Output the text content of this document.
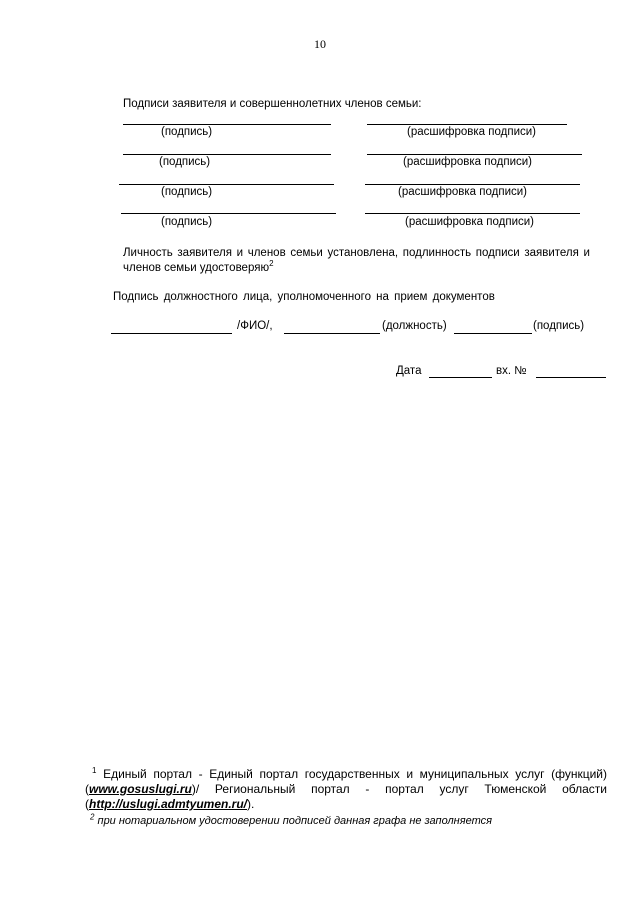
10
Подписи заявителя и совершеннолетних членов семьи:
(подпись)	(расшифровка подписи)
(подпись)	(расшифровка подписи)
(подпись)	(расшифровка подписи)
(подпись)	(расшифровка подписи)
Личность заявителя и членов семьи установлена, подлинность подписи заявителя и членов семьи удостоверяю$^2$
Подпись должностного лица, уполномоченного на прием документов
/ФИО/,	(должность)	(подпись)
Дата	вх. №
$^1$ Единый портал - Единый портал государственных и муниципальных услуг (функций) (www.gosuslugi.ru)/ Региональный портал - портал услуг Тюменской области (http://uslugi.admtyumen.ru/).
$^2$ при нотариальном удостоверении подписей данная графа не заполняется
